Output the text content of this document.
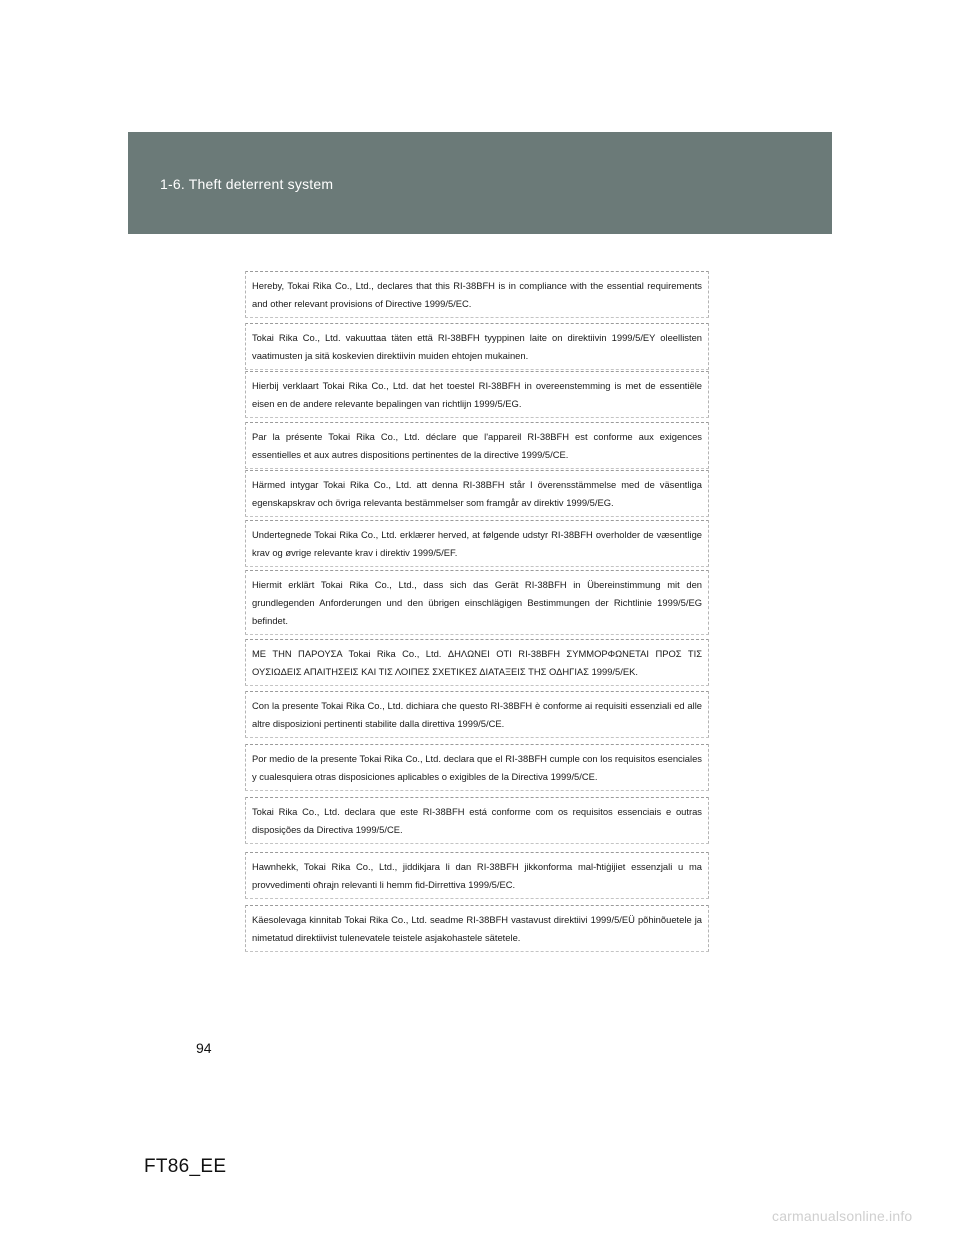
1-6. Theft deterrent system
Hereby, Tokai Rika Co., Ltd., declares that this RI-38BFH is in compliance with the essential requirements and other relevant provisions of Directive 1999/5/EC.
Tokai Rika Co., Ltd. vakuuttaa täten että RI-38BFH tyyppinen laite on direktiivin 1999/5/EY oleellisten vaatimusten ja sitä koskevien direktiivin muiden ehtojen mukainen.
Hierbij verklaart Tokai Rika Co., Ltd. dat het toestel RI-38BFH in overeenstemming is met de essentiële eisen en de andere relevante bepalingen van richtlijn 1999/5/EG.
Par la présente Tokai Rika Co., Ltd. déclare que l'appareil RI-38BFH est conforme aux exigences essentielles et aux autres dispositions pertinentes de la directive 1999/5/CE.
Härmed intygar Tokai Rika Co., Ltd. att denna RI-38BFH står I överensstämmelse med de väsentliga egenskapskrav och övriga relevanta bestämmelser som framgår av direktiv 1999/5/EG.
Undertegnede Tokai Rika Co., Ltd. erklærer herved, at følgende udstyr RI-38BFH overholder de væsentlige krav og øvrige relevante krav i direktiv 1999/5/EF.
Hiermit erklärt Tokai Rika Co., Ltd., dass sich das Gerät RI-38BFH in Übereinstimmung mit den grundlegenden Anforderungen und den übrigen einschlägigen Bestimmungen der Richtlinie 1999/5/EG befindet.
ΜΕ ΤΗΝ ΠΑΡΟΥΣΑ Tokai Rika Co., Ltd. ΔΗΛΩΝΕΙ ΟΤΙ RI-38BFH ΣΥΜΜΟΡΦΩΝΕΤΑΙ ΠΡΟΣ ΤΙΣ ΟΥΣΙΩΔΕΙΣ ΑΠΑΙΤΗΣΕΙΣ ΚΑΙ ΤΙΣ ΛΟΙΠΕΣ ΣΧΕΤΙΚΕΣ ΔΙΑΤΑΞΕΙΣ ΤΗΣ ΟΔΗΓΙΑΣ 1999/5/ΕΚ.
Con la presente Tokai Rika Co., Ltd. dichiara che questo RI-38BFH è conforme ai requisiti essenziali ed alle altre disposizioni pertinenti stabilite dalla direttiva 1999/5/CE.
Por medio de la presente Tokai Rika Co., Ltd. declara que el RI-38BFH cumple con los requisitos esenciales y cualesquiera otras disposiciones aplicables o exigibles de la Directiva 1999/5/CE.
Tokai Rika Co., Ltd. declara que este RI-38BFH está conforme com os requisitos essenciais e outras disposições da Directiva 1999/5/CE.
Hawnhekk, Tokai Rika Co., Ltd., jiddikjara li dan RI-38BFH jikkonforma mal-ħtiġijiet essenzjali u ma provvedimenti oħrajn relevanti li hemm fid-Dirrettiva 1999/5/EC.
Käesolevaga kinnitab Tokai Rika Co., Ltd. seadme RI-38BFH vastavust direktiivi 1999/5/EÜ põhinõuetele ja nimetatud direktiivist tulenevatele teistele asjakohastele sätetele.
94
FT86_EE
carmanualsonline.info
